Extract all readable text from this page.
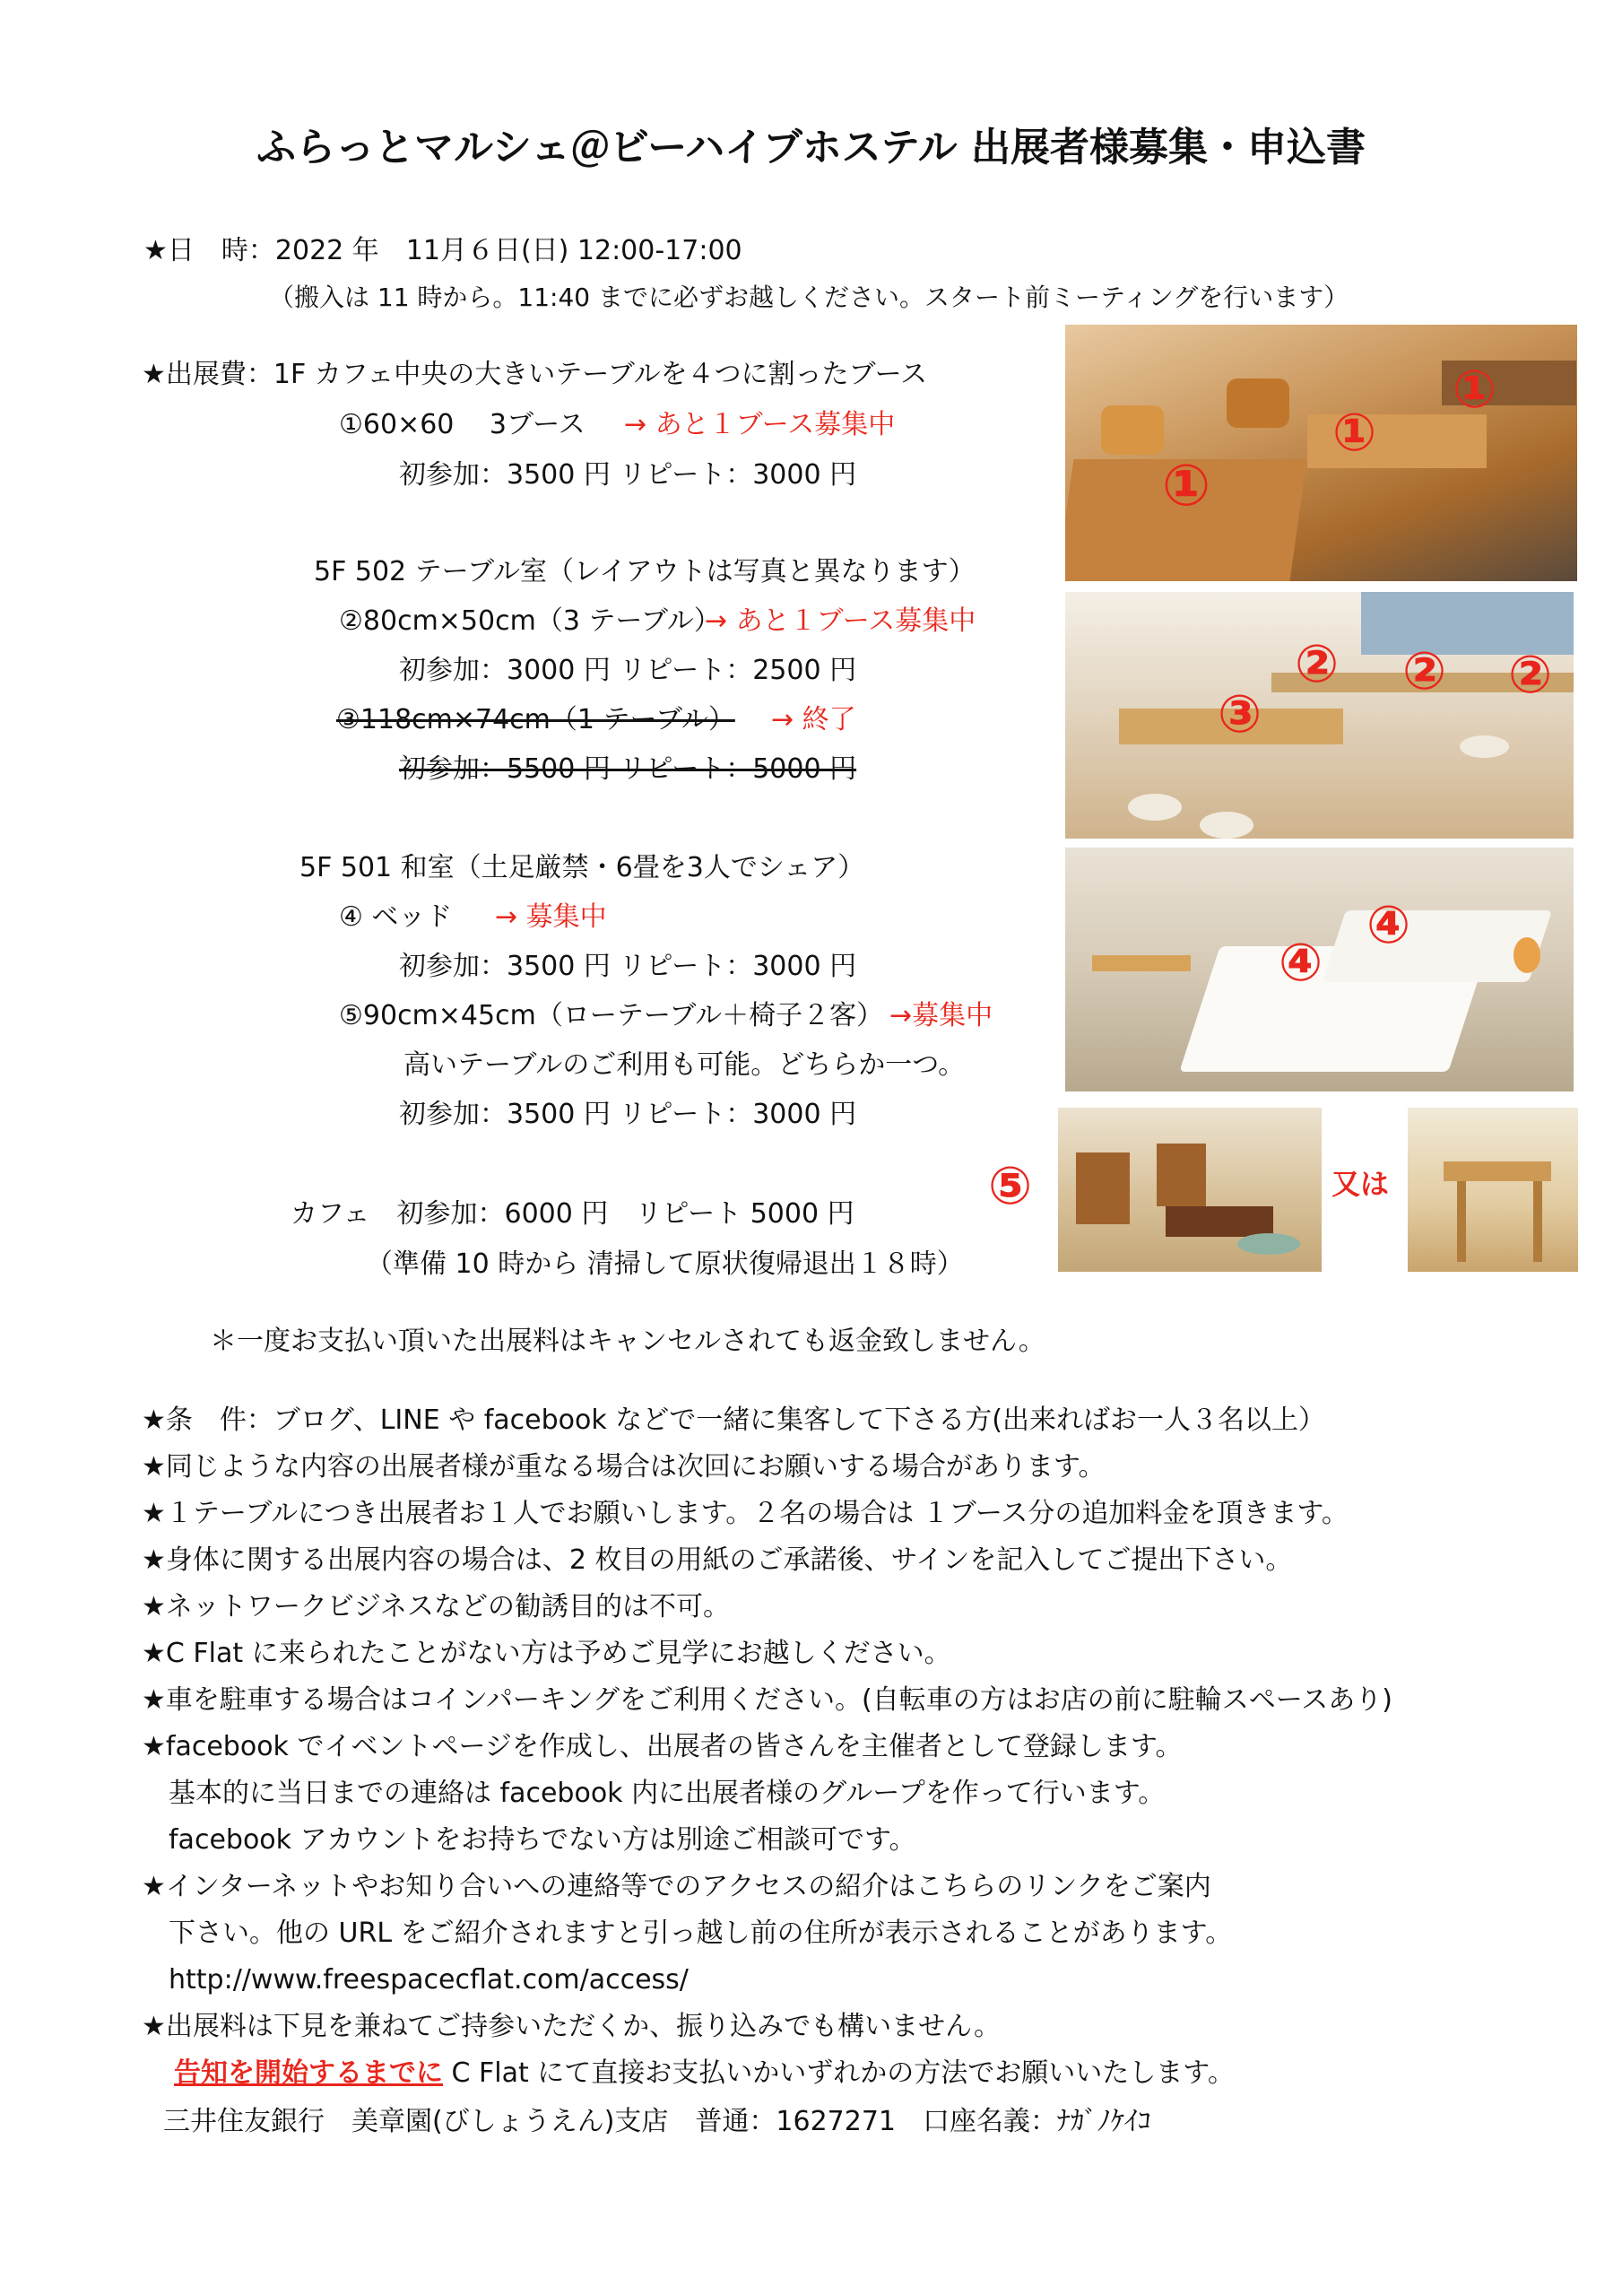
ふらっとマルシェ＠ビーハイブホステル 出展者様募集・申込書
★日　時：2022 年　11月６日(日) 12:00-17:00
（搬入は 11 時から。11:40 までに必ずお越しください。スタート前ミーティングを行います）
★出展費：1F カフェ中央の大きいテーブルを４つに割ったブース
①60×60　 3ブース → あと１ブース募集中
初参加：3500 円 リピート：3000 円
5F 502 テーブル室（レイアウトは写真と異なります）
②80cm×50cm（3 テーブル）
→ あと１ブース募集中
初参加：3000 円 リピート：2500 円
③118cm×74cm（1 テーブル） → 終了
初参加：5500 円 リピート：5000 円
5F 501 和室（土足厳禁・6畳を3人でシェア）
④ ベッド → 募集中
初参加：3500 円 リピート：3000 円
⑤90cm×45cm（ローテーブル＋椅子２客） →募集中
高いテーブルのご利用も可能。どちらか一つ。
初参加：3500 円 リピート：3000 円
カフェ　初参加：6000 円　リピート 5000 円
（準備 10 時から 清掃して原状復帰退出１８時）
＊一度お支払い頂いた出展料はキャンセルされても返金致しません。
①
①
①
② ② ②
③
④
④
⑤	又は
★条　件：ブログ、LINE や facebook などで一緒に集客して下さる方(出来ればお一人３名以上）
★同じような内容の出展者様が重なる場合は次回にお願いする場合があります。
★１テーブルにつき出展者お１人でお願いします。２名の場合は １ブース分の追加料金を頂きます。
★身体に関する出展内容の場合は、2 枚目の用紙のご承諾後、サインを記入してご提出下さい。
★ネットワークビジネスなどの勧誘目的は不可。
★C Flat に来られたことがない方は予めご見学にお越しください。
★車を駐車する場合はコインパーキングをご利用ください。(自転車の方はお店の前に駐輪スペースあり)
★facebook でイベントページを作成し、出展者の皆さんを主催者として登録します。
　基本的に当日までの連絡は facebook 内に出展者様のグループを作って行います。
　facebook アカウントをお持ちでない方は別途ご相談可です。
★インターネットやお知り合いへの連絡等でのアクセスの紹介はこちらのリンクをご案内
　下さい。他の URL をご紹介されますと引っ越し前の住所が表示されることがあります。
　http://www.freespacecflat.com/access/
★出展料は下見を兼ねてご持参いただくか、振り込みでも構いません。
告知を開始するまでに C Flat にて直接お支払いかいずれかの方法でお願いいたします。
三井住友銀行　美章園(びしょうえん)支店　普通：1627271　口座名義：ﾅｶﾞﾉｹｲｺ
